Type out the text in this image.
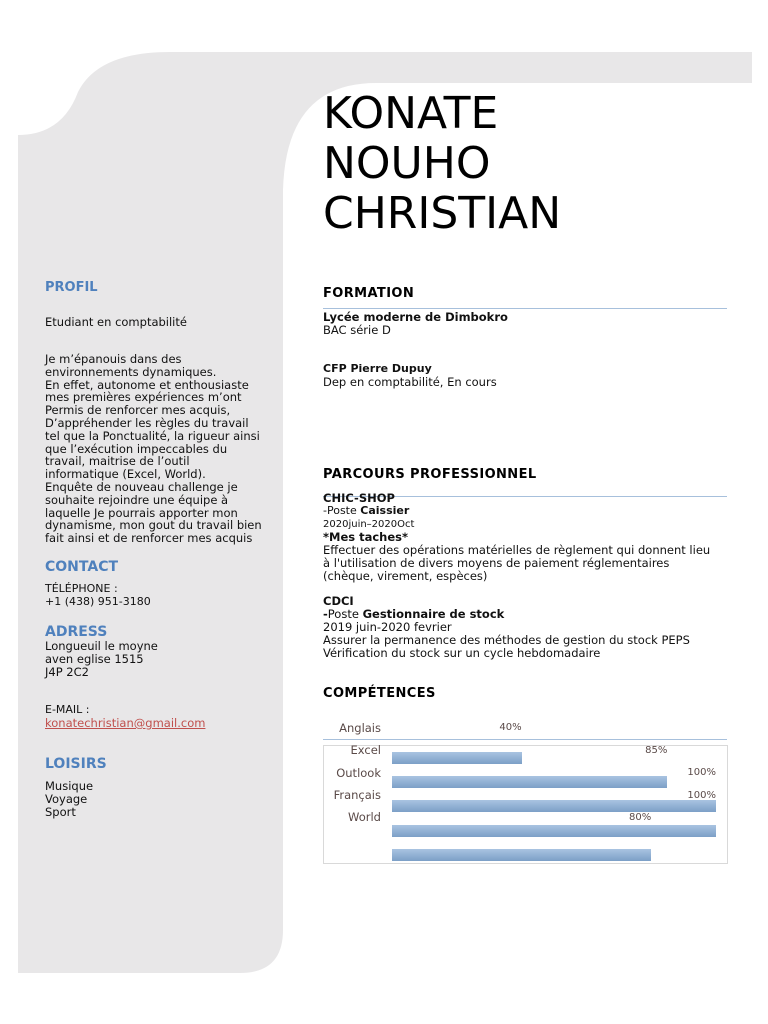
KONATE
NOUHO
CHRISTIAN
PROFIL
Etudiant en comptabilité
Je m’épanouis dans des
environnements dynamiques.
En effet, autonome et enthousiaste
mes premières expériences m’ont
Permis de renforcer mes acquis,
D’appréhender les règles du travail
tel que la Ponctualité, la rigueur ainsi
que l’exécution impeccables du
travail, maitrise de l’outil
informatique (Excel, World).
Enquête de nouveau challenge je
souhaite rejoindre une équipe à
laquelle Je pourrais apporter mon
dynamisme, mon gout du travail bien
fait ainsi et de renforcer mes acquis
CONTACT
TÉLÉPHONE :
+1 (438) 951-3180
ADRESS
Longueuil le moyne
aven eglise 1515
J4P 2C2
E-MAIL :
konatechristian@gmail.com
LOISIRS
Musique
Voyage
Sport
FORMATION
Lycée moderne de Dimbokro
BAC série D
CFP Pierre Dupuy
Dep en comptabilité, En cours
PARCOURS PROFESSIONNEL
CHIC-SHOP
-Poste Caissier
2020juin–2020Oct
*Mes taches*
Effectuer des opérations matérielles de règlement qui donnent lieu
à l'utilisation de divers moyens de paiement réglementaires
(chèque, virement, espèces)
CDCI
-Poste Gestionnaire de stock
2019 juin-2020 fevrier
Assurer la permanence des méthodes de gestion du stock PEPS
Vérification du stock sur un cycle hebdomadaire
COMPÉTENCES
Anglais	40%
Excel	85%
Outlook	100%
Français	100%
World	80%
